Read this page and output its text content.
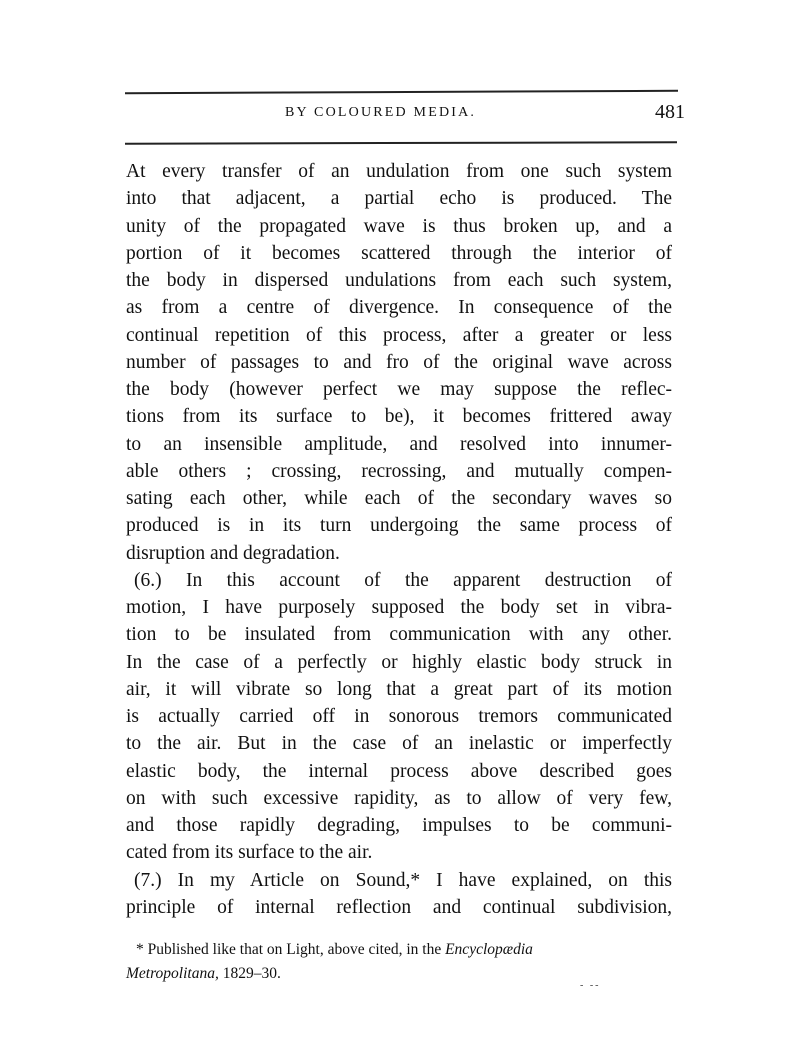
BY COLOURED MEDIA.	481
At every transfer of an undulation from one such system
into that adjacent, a partial echo is produced. The
unity of the propagated wave is thus broken up, and a
portion of it becomes scattered through the interior of
the body in dispersed undulations from each such system,
as from a centre of divergence. In consequence of the
continual repetition of this process, after a greater or less
number of passages to and fro of the original wave across
the body (however perfect we may suppose the reflec-
tions from its surface to be), it becomes frittered away
to an insensible amplitude, and resolved into innumer-
able others ; crossing, recrossing, and mutually compen-
sating each other, while each of the secondary waves so
produced is in its turn undergoing the same process of
disruption and degradation.
(6.) In this account of the apparent destruction of
motion, I have purposely supposed the body set in vibra-
tion to be insulated from communication with any other.
In the case of a perfectly or highly elastic body struck in
air, it will vibrate so long that a great part of its motion
is actually carried off in sonorous tremors communicated
to the air. But in the case of an inelastic or imperfectly
elastic body, the internal process above described goes
on with such excessive rapidity, as to allow of very few,
and those rapidly degrading, impulses to be communi-
cated from its surface to the air.
(7.) In my Article on Sound,* I have explained, on this
principle of internal reflection and continual subdivision,
* Published like that on Light, above cited, in the Encyclopædia
Metropolitana, 1829–30.
- --
